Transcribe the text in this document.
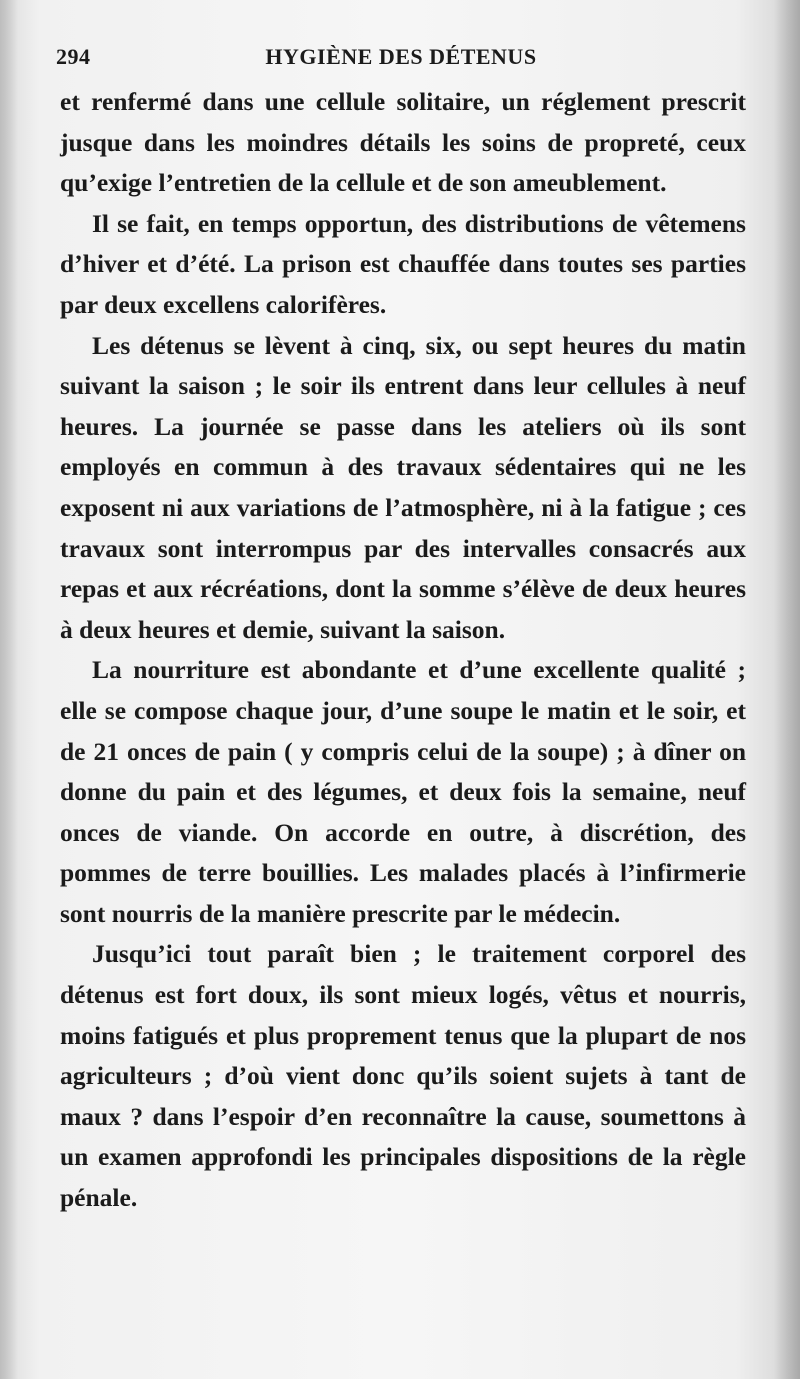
294	HYGIÈNE DES DÉTENUS

et renfermé dans une cellule solitaire, un réglement prescrit jusque dans les moindres détails les soins de propreté, ceux qu’exige l’entretien de la cellule et de son ameublement.

Il se fait, en temps opportun, des distributions de vêtemens d’hiver et d’été. La prison est chauffée dans toutes ses parties par deux excellens calorifères.

Les détenus se lèvent à cinq, six, ou sept heures du matin suivant la saison ; le soir ils entrent dans leur cellules à neuf heures. La journée se passe dans les ateliers où ils sont employés en commun à des travaux sédentaires qui ne les exposent ni aux variations de l’atmosphère, ni à la fatigue ; ces travaux sont interrompus par des intervalles consacrés aux repas et aux récréations, dont la somme s’élève de deux heures à deux heures et demie, suivant la saison.

La nourriture est abondante et d’une excellente qualité ; elle se compose chaque jour, d’une soupe le matin et le soir, et de 21 onces de pain ( y compris celui de la soupe) ; à dîner on donne du pain et des légumes, et deux fois la semaine, neuf onces de viande. On accorde en outre, à discrétion, des pommes de terre bouillies. Les malades placés à l’infirmerie sont nourris de la manière prescrite par le médecin.

Jusqu’ici tout paraît bien ; le traitement corporel des détenus est fort doux, ils sont mieux logés, vêtus et nourris, moins fatigués et plus proprement tenus que la plupart de nos agriculteurs ; d’où vient donc qu’ils soient sujets à tant de maux ? dans l’espoir d’en reconnaître la cause, soumettons à un examen approfondi les principales dispositions de la règle pénale.
